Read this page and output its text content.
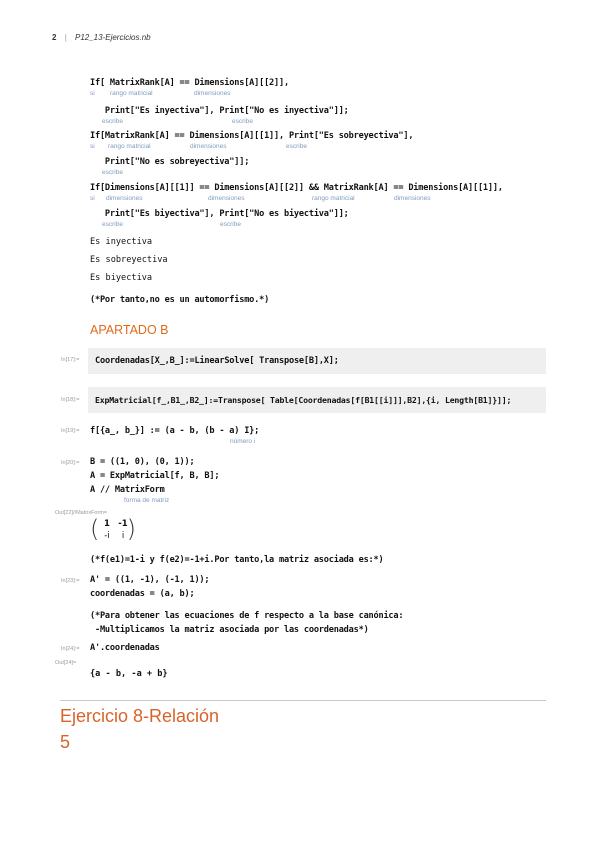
2 | P12_13-Ejercicios.nb
If[ MatrixRank[A] == Dimensions[A][[2]],

si

rango matricial

	dimensiones

Print["Es inyectiva"], Print["No es inyectiva"]];

escribe

	escribe

If[MatrixRank[A] == Dimensions[A][[1]], Print["Es sobreyectiva"],

si

rango matricial

	dimensiones

	escribe

Print["No es sobreyectiva"]];

escribe

If[Dimensions[A][[1]] == Dimensions[A][[2]] && MatrixRank[A] == Dimensions[A][[1]],

si

dimensiones

	dimensiones

	rango matricial

	dimensiones

Print["Es biyectiva"], Print["No es biyectiva"]];

escribe

	escribe

Es inyectiva
Es sobreyectiva
Es biyectiva
(*Por tanto,no es un automorfismo.*)
APARTADO B
In[17]:= Coordenadas[X_,B_]:=LinearSolve[ Transpose[B],X];
In[18]:= ExpMatricial[f_,B1_,B2_]:=Transpose[ Table[Coordenadas[f[B1[[i]]],B2],{i, Length[B1]}]];
In[19]:= f[{a_, b_}] := (a - b, (b - a) I};
número i
In[20]:= B = ((1, 0), (0, 1));
A = ExpMatricial[f, B, B];
A // MatrixForm
forma de matriz
Out[22]//MatrixForm=
( 1 -1
-i	i )
(*f(e1)=1-i y f(e2)=-1+i.Por tanto,la matriz asociada es:*)
In[23]:= A' = ((1, -1), (-1, 1));
coordenadas = (a, b);
(*Para obtener las ecuaciones de f respecto a la base canónica:
-Multiplicamos la matriz asociada por las coordenadas*)
In[24]:= A'.coordenadas
Out[24]=
{a - b, -a + b}
Ejercicio 8-Relación
5
